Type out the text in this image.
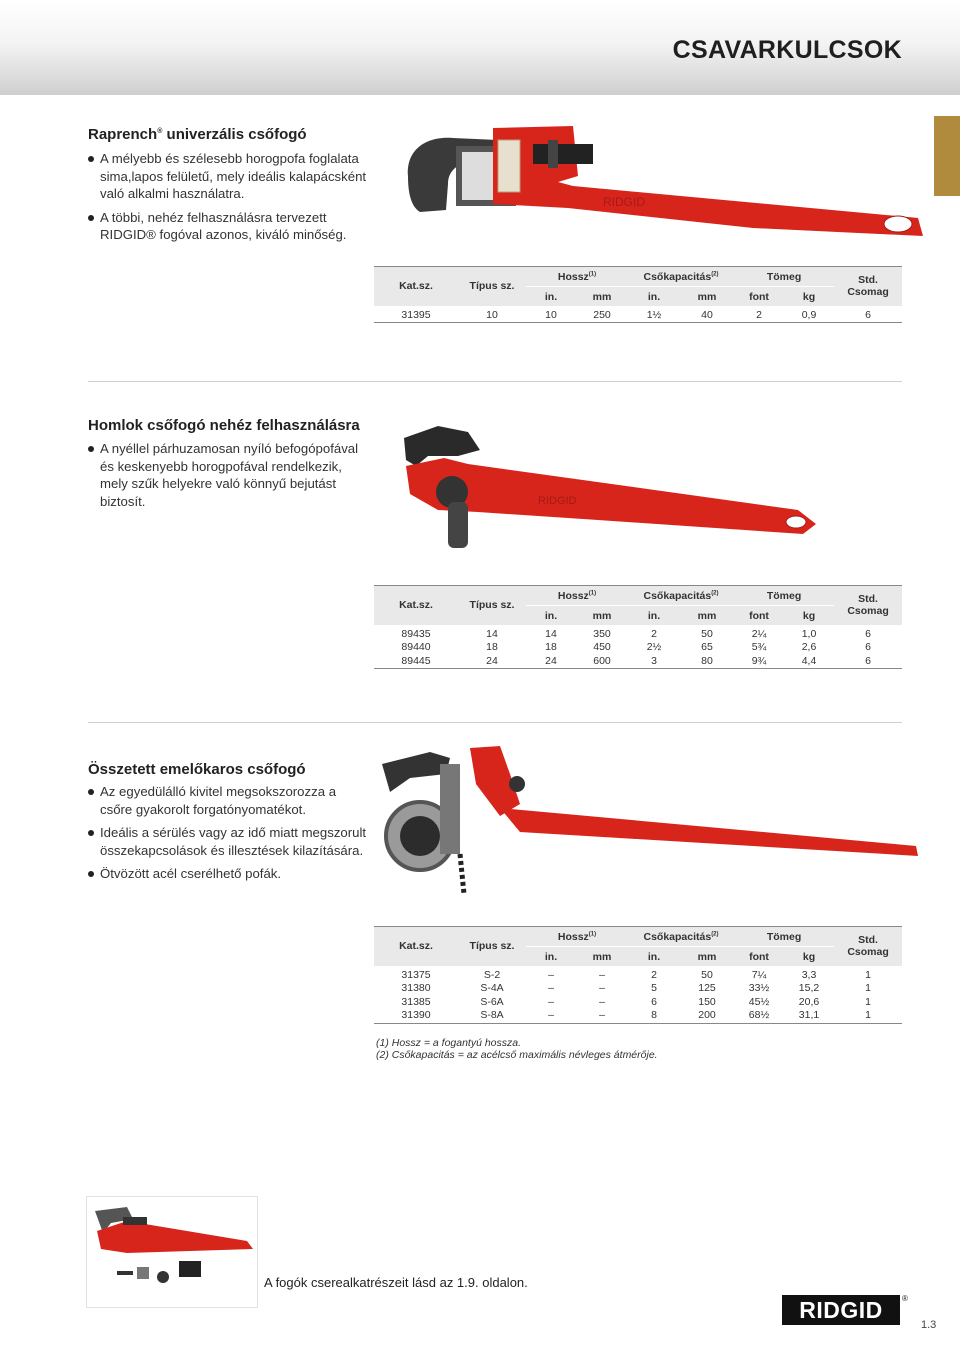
CSAVARKULCSOK
Raprench® univerzális csőfogó
A mélyebb és szélesebb horogpofa foglalata sima,lapos felületű, mely ideális kalapácsként való alkalmi használatra.
A többi, nehéz felhasználásra tervezett RIDGID® fogóval azonos, kiváló minőség.
RIDGID
Kat.sz.	Típus sz.	Hossz$^{(1)}$		Csőkapacitás$^{(2)}$		Tömeg		Std.
Csomag
		in.	mm	in.	mm	font	kg	
31395	10	10	250	1½	40	2	0,9	6
Homlok csőfogó nehéz felhasználásra
A nyéllel párhuzamosan nyíló befogópofával és keskenyebb horogpofával rendelkezik, mely szűk helyekre való könnyű bejutást biztosít.	RIDGID
Kat.sz.	Típus sz.	Hossz$^{(1)}$		Csőkapacitás$^{(2)}$		Tömeg		Std.
Csomag
		in.	mm	in.	mm	font	kg	
89435	14	14	350	2	50	2¼	1,0	6
89440	18	18	450	2½	65	5¾	2,6	6
89445	24	24	600	3	80	9¾	4,4	6
Összetett emelőkaros csőfogó
Az egyedülálló kivitel megsokszorozza a csőre gyakorolt forgatónyomatékot.
Ideális a sérülés vagy az idő miatt megszorult összekapcsolások és illesztések kilazítására.
Ötvözött acél cserélhető pofák.
Kat.sz.	Típus sz.	Hossz$^{(1)}$		Csőkapacitás$^{(2)}$		Tömeg		Std.
Csomag
		in.	mm	in.	mm	font	kg	
31375	S-2	–	–	2	50	7¼	3,3	1
31380	S-4A	–	–	5	125	33½	15,2	1
31385	S-6A	–	–	6	150	45½	20,6	1
31390	S-8A	–	–	8	200	68½	31,1	1
(1) Hossz = a fogantyú hossza.
(2) Csőkapacitás = az acélcső maximális névleges átmérője.
A fogók cserealkatrészeit lásd az 1.9. oldalon.
RIDGID	®
1.3
